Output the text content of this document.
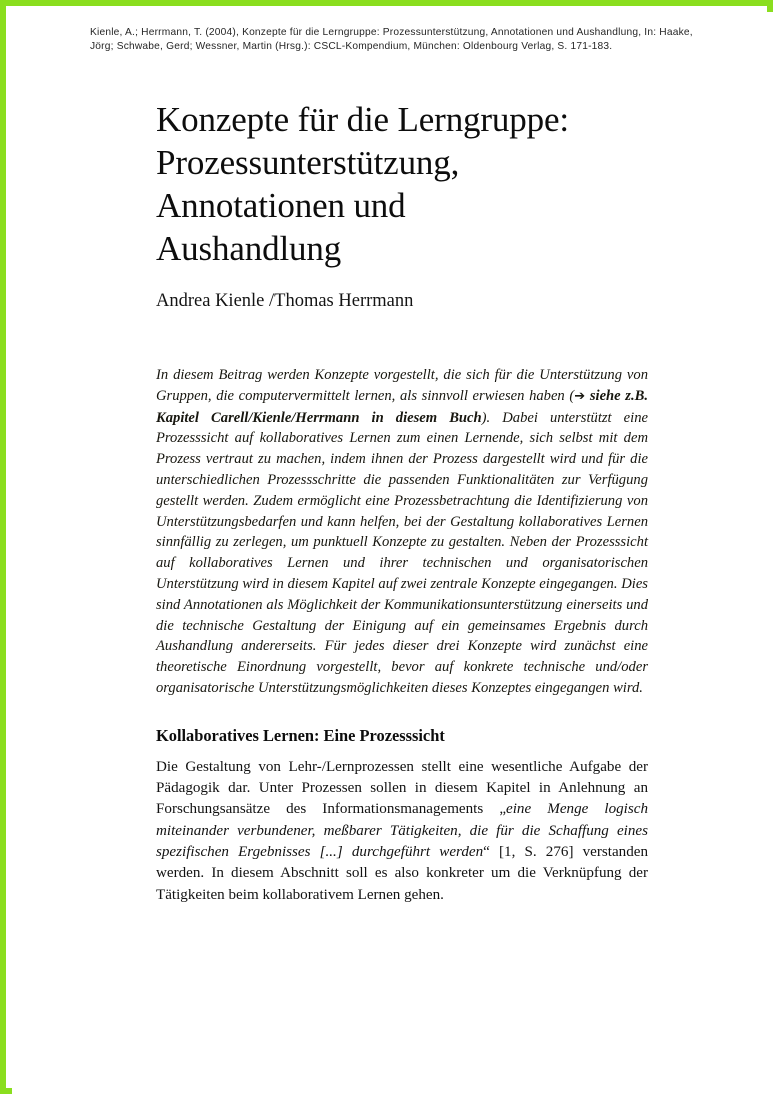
Kienle, A.; Herrmann, T. (2004), Konzepte für die Lerngruppe: Prozessunterstützung, Annotationen und Aushandlung, In: Haake, Jörg; Schwabe, Gerd; Wessner, Martin (Hrsg.): CSCL-Kompendium, München: Oldenbourg Verlag, S. 171-183.
Konzepte für die Lerngruppe:
Prozessunterstützung,
Annotationen und
Aushandlung
Andrea Kienle /Thomas Herrmann

In diesem Beitrag werden Konzepte vorgestellt, die sich für die Unterstützung von Gruppen, die computervermittelt lernen, als sinnvoll erwiesen haben (➔ siehe z.B. Kapitel Carell/Kienle/Herrmann in diesem Buch). Dabei unterstützt eine Prozesssicht auf kollaboratives Lernen zum einen Lernende, sich selbst mit dem Prozess vertraut zu machen, indem ihnen der Prozess dargestellt wird und für die unterschiedlichen Prozessschritte die passenden Funktionalitäten zur Verfügung gestellt werden. Zudem ermöglicht eine Prozessbetrachtung die Identifizierung von Unterstützungsbedarfen und kann helfen, bei der Gestaltung kollaboratives Lernen sinnfällig zu zerlegen, um punktuell Konzepte zu gestalten. Neben der Prozesssicht auf kollaboratives Lernen und ihrer technischen und organisatorischen Unterstützung wird in diesem Kapitel auf zwei zentrale Konzepte eingegangen. Dies sind Annotationen als Möglichkeit der Kommunikationsunterstützung einerseits und die technische Gestaltung der Einigung auf ein gemeinsames Ergebnis durch Aushandlung andererseits. Für jedes dieser drei Konzepte wird zunächst eine theoretische Einordnung vorgestellt, bevor auf konkrete technische und/oder organisatorische Unterstützungsmöglichkeiten dieses Konzeptes eingegangen wird.

Kollaboratives Lernen: Eine Prozesssicht

Die Gestaltung von Lehr-/Lernprozessen stellt eine wesentliche Aufgabe der Pädagogik dar. Unter Prozessen sollen in diesem Kapitel in Anlehnung an Forschungsansätze des Informationsmanagements „eine Menge logisch miteinander verbundener, meßbarer Tätigkeiten, die für die Schaffung eines spezifischen Ergebnisses [...] durchgeführt werden“ [1, S. 276] verstanden werden. In diesem Abschnitt soll es also konkreter um die Verknüpfung der Tätigkeiten beim kollaborativem Lernen gehen.
